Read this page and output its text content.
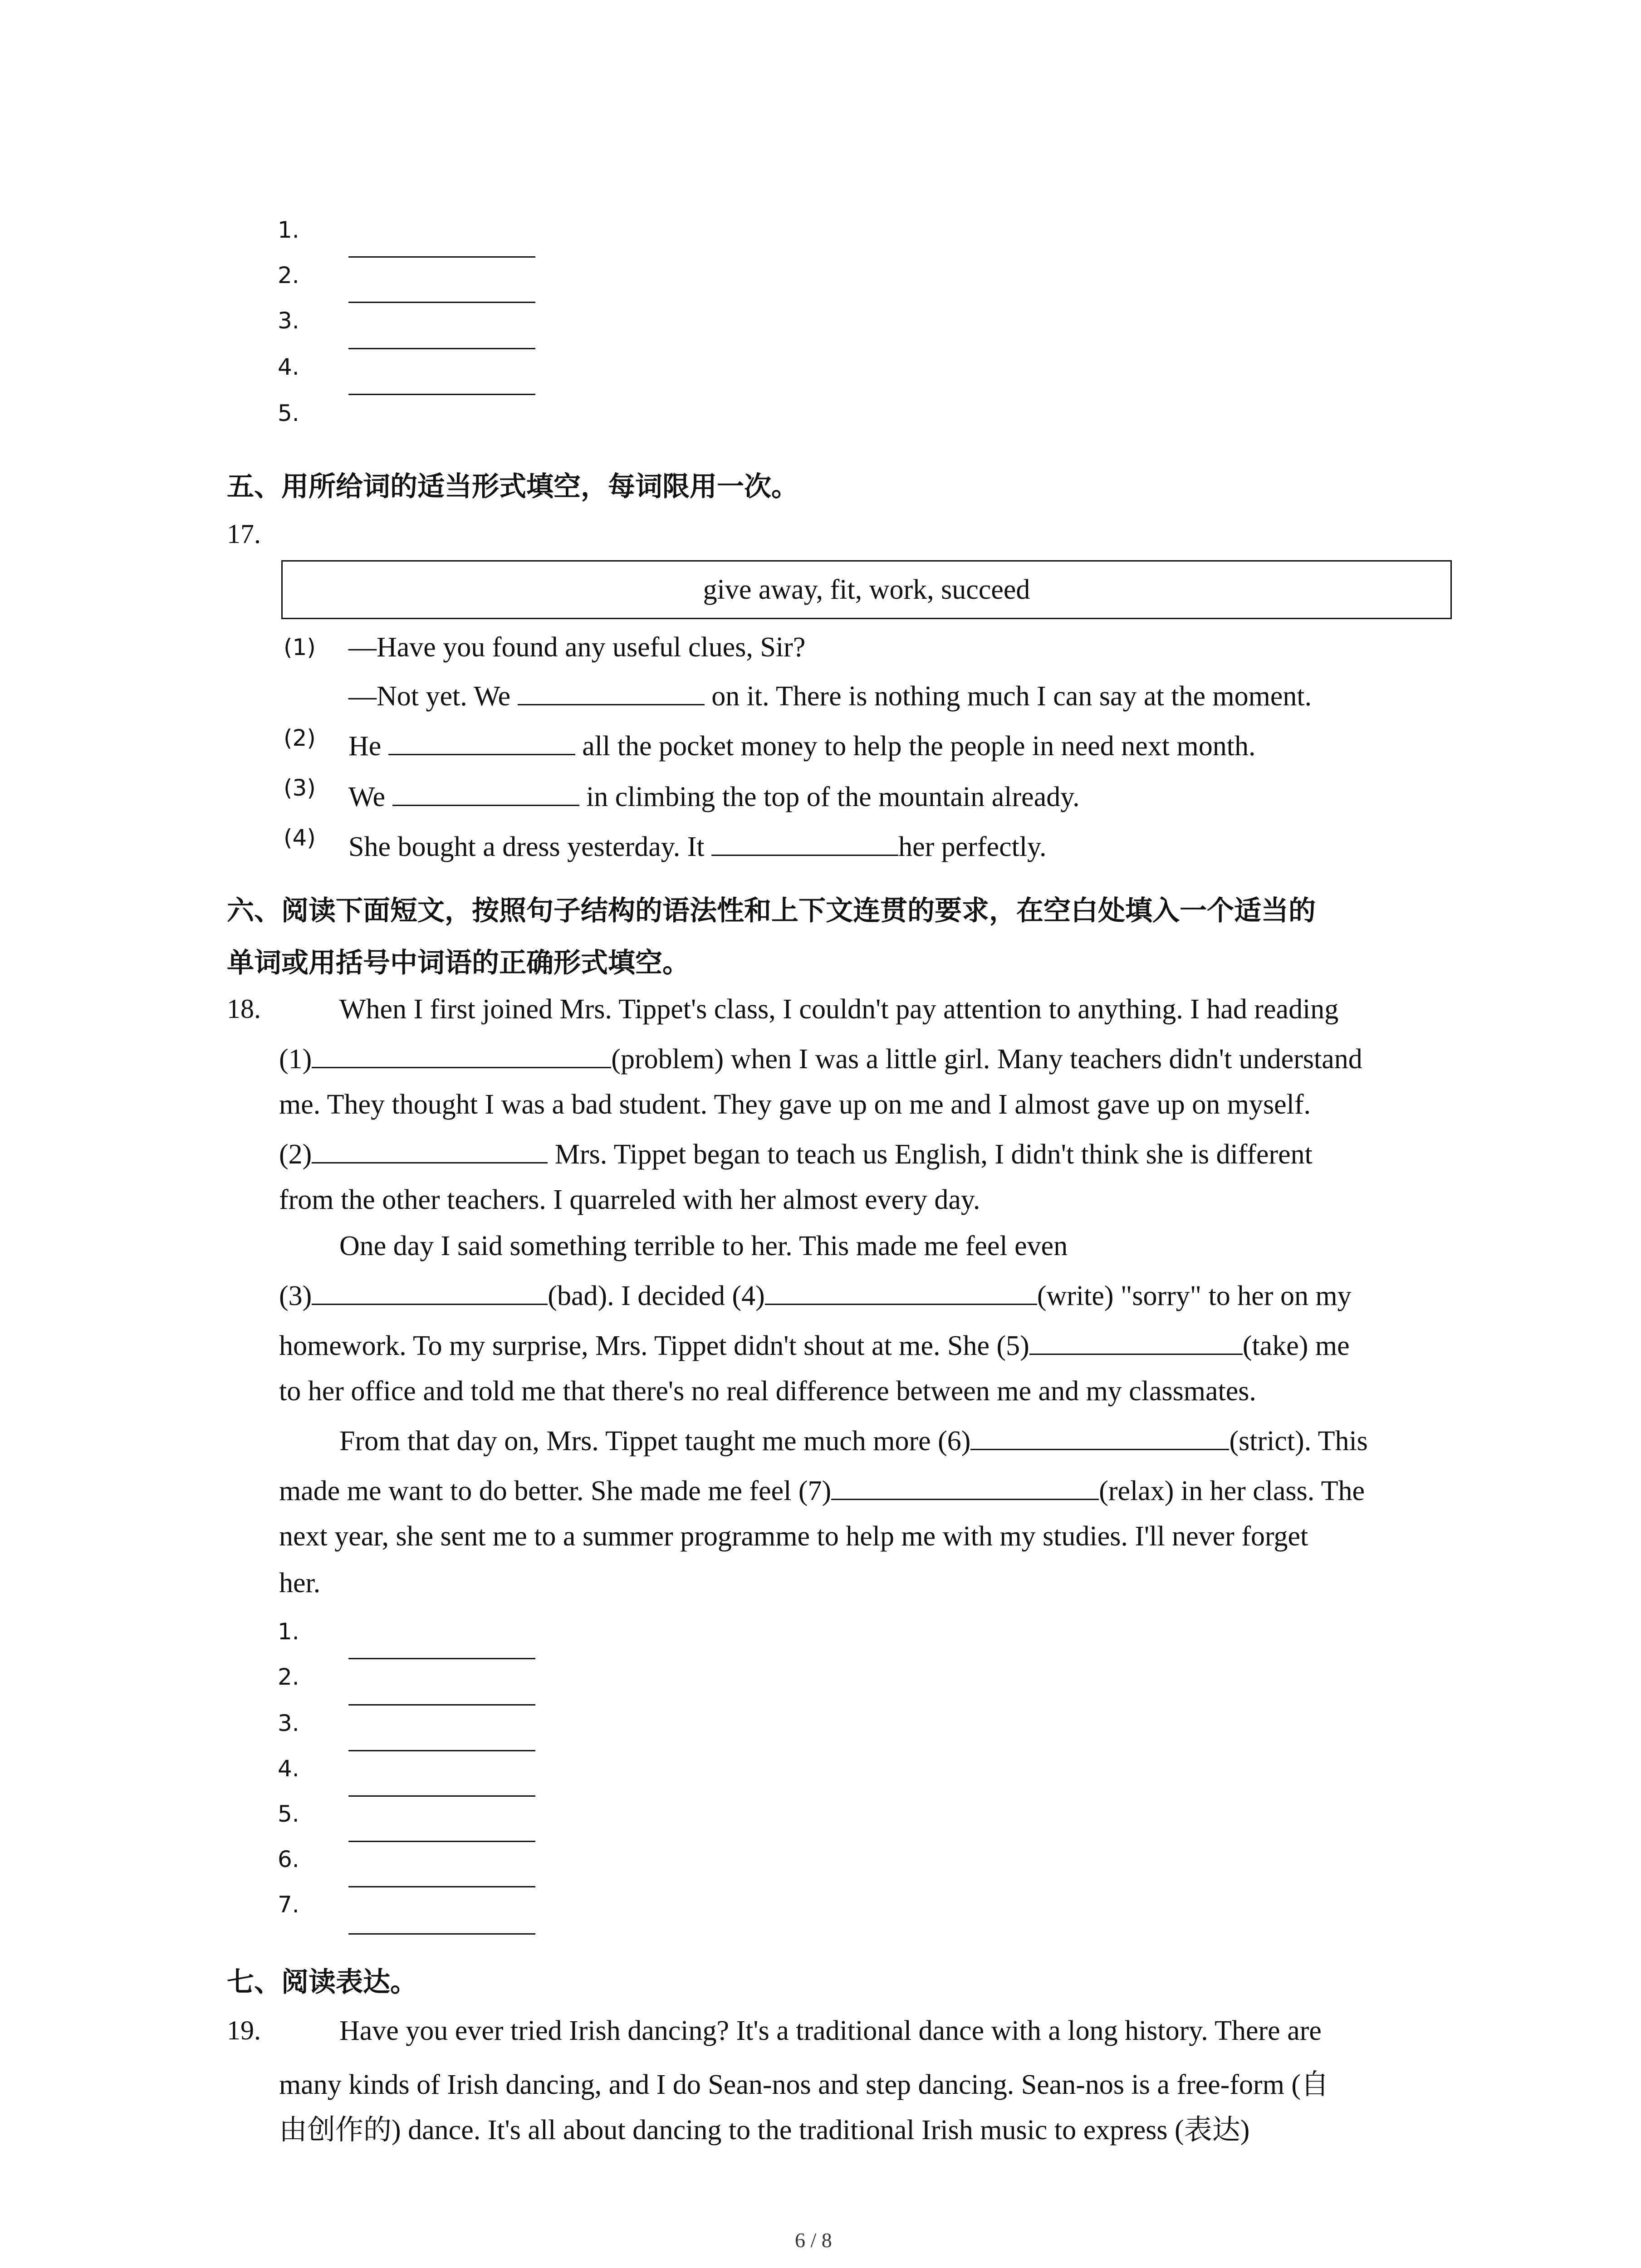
1.
2.
3.
4.
5.
五、用所给词的适当形式填空，每词限用一次。
17.
give away, fit, work, succeed
(1) —Have you found any useful clues, Sir?
—Not yet. We	on it. There is nothing much I can say at the moment.
(2) He	all the pocket money to help the people in need next month.
(3) We	in climbing the top of the mountain already.
(4) She bought a dress yesterday. It	her perfectly.
六、阅读下面短文，按照句子结构的语法性和上下文连贯的要求，在空白处填入一个适当的
单词或用括号中词语的正确形式填空。
18.	When I first joined Mrs. Tippet's class, I couldn't pay attention to anything. I had reading
(1)	(problem) when I was a little girl. Many teachers didn't understand
me. They thought I was a bad student. They gave up on me and I almost gave up on myself.
(2)	Mrs. Tippet began to teach us English, I didn't think she is different
from the other teachers. I quarreled with her almost every day.
One day I said something terrible to her. This made me feel even
(3)	(bad). I decided (4)	(write) "sorry" to her on my
homework. To my surprise, Mrs. Tippet didn't shout at me. She (5)	(take) me
to her office and told me that there's no real difference between me and my classmates.
From that day on, Mrs. Tippet taught me much more (6)	(strict). This
made me want to do better. She made me feel (7)	(relax) in her class. The
next year, she sent me to a summer programme to help me with my studies. I'll never forget
her.
1.
2.
3.
4.
5.
6.
7.
七、阅读表达。
19.	Have you ever tried Irish dancing? It's a traditional dance with a long history. There are
many kinds of Irish dancing, and I do Sean-nos and step dancing. Sean-nos is a free-form (自
由创作的) dance. It's all about dancing to the traditional Irish music to express (表达)
6 / 8
